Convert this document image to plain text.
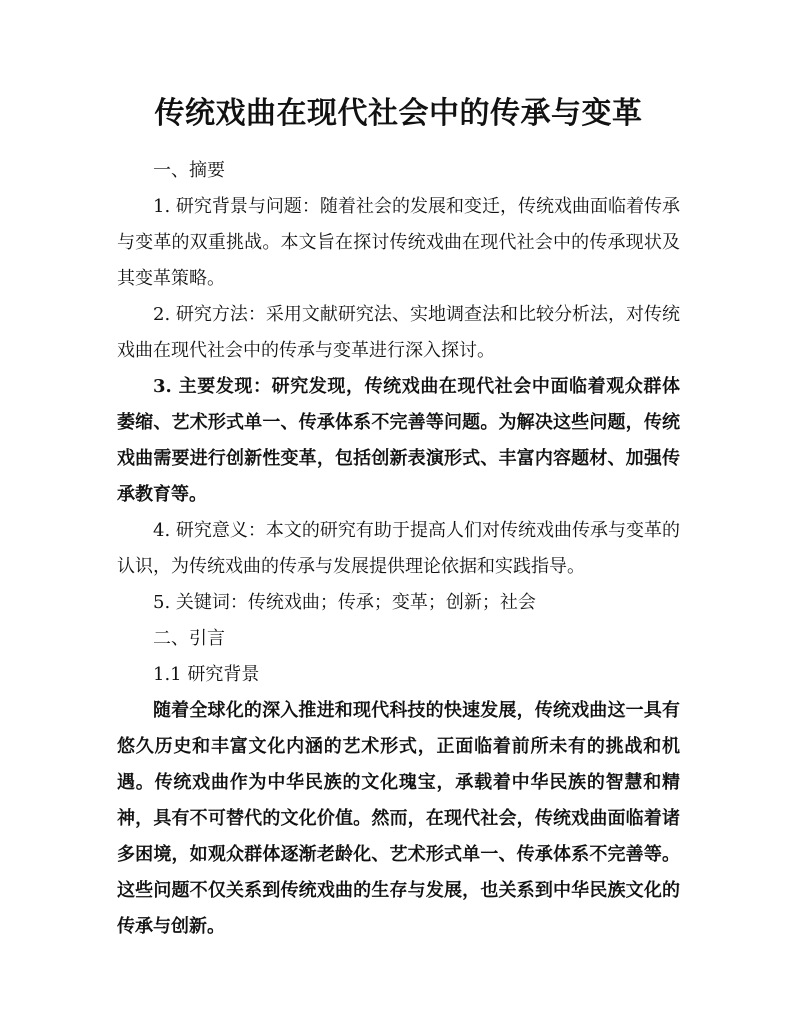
传统戏曲在现代社会中的传承与变革
一、摘要

1. 研究背景与问题：随着社会的发展和变迁，传统戏曲面临着传承与变革的双重挑战。本文旨在探讨传统戏曲在现代社会中的传承现状及其变革策略。

2. 研究方法：采用文献研究法、实地调查法和比较分析法，对传统戏曲在现代社会中的传承与变革进行深入探讨。

3. 主要发现：研究发现，传统戏曲在现代社会中面临着观众群体萎缩、艺术形式单一、传承体系不完善等问题。为解决这些问题，传统戏曲需要进行创新性变革，包括创新表演形式、丰富内容题材、加强传承教育等。

4. 研究意义：本文的研究有助于提高人们对传统戏曲传承与变革的认识，为传统戏曲的传承与发展提供理论依据和实践指导。

5. 关键词：传统戏曲；传承；变革；创新；社会

二、引言
1.1 研究背景

随着全球化的深入推进和现代科技的快速发展，传统戏曲这一具有悠久历史和丰富文化内涵的艺术形式，正面临着前所未有的挑战和机遇。传统戏曲作为中华民族的文化瑰宝，承载着中华民族的智慧和精神，具有不可替代的文化价值。然而，在现代社会，传统戏曲面临着诸多困境，如观众群体逐渐老龄化、艺术形式单一、传承体系不完善等。这些问题不仅关系到传统戏曲的生存与发展，也关系到中华民族文化的传承与创新。
